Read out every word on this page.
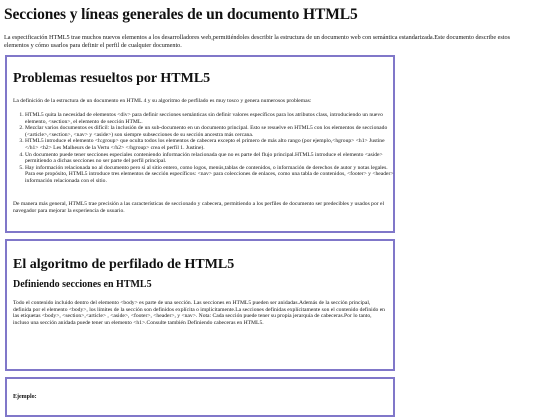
Secciones y líneas generales de un documento HTML5

La especificación HTML5 trae muchos nuevos elementos a los desarrolladores web,permitiéndoles describir la estructura de un documento web con semántica estandarizada.Este documento describe estos elementos y cómo usarlos para definir el perfil de cualquier documento.

Problemas resueltos por HTML5

La definición de la estructura de un documento en HTML 4 y su algoritmo de perfilado es muy tosco y genera numerosos problemas:

1. HTML5 quita la necesidad de elementos <div> para definir secciones semánticas sin definir valores específicos para los atributos class, introduciendo un nuevo elemento, <section>, el elemento de sección HTML.
2. Mezclar varios documentos es difícil: la inclusión de un sub-documento en un documento principal. Esto se resuelve en HTML5 con los elementos de seccionado (<article>,<section>, <nav> y <aside>) son siempre subsecciones de su sección ancestra más cercana.
3. HTML5 introduce el elemento <h:group> que oculta todos los elementos de cabecera excepto el primero de más alto rango (por ejemplo,<hgroup> <h1> Justine </h1> <h2> Les Malheurs de la Vertu </h2> </hgroup> crea el perfil 1. Justine).
4. Un documento puede tener secciones especiales conteniendo información relacionada que no es parte del flujo principal.HTML5 introduce el elemento <aside> permitiendo a dichas secciones no ser parte del perfil principal.
5. Hay información relacionada no al documento pero si al sitio entero, como logos, menús,tablas de contenidos, o información de derechos de autor y notas legales. Para ese propósito, HTML5 introduce tres elementos de sección específicos: <nav> para colecciones de enlaces, como una tabla de contenidos, <footer> y <header> información relacionada con el sitio.

De manera más general, HTML5 trae precisión a las características de seccionado y cabecera, permitiendo a los perfiles de documento ser predecibles y usados por el navegador para mejorar la experiencia de usuario.

El algoritmo de perfilado de HTML5
Definiendo secciones en HTML5

Todo el contenido incluido dentro del elemento <body> es parte de una sección. Las secciones en HTML5 pueden ser anidadas.Además de la sección principal, definida por el elemento <body>, los límites de la sección son definidos explícita o implícitamente.La secciones definidas explícitamente son el contenido definido en las etiquetas <body>, <section>,<article> , <aside>, <footer>, <header>, y <nav>. Nota: Cada sección puede tener su propia jerarquía de cabeceras.Por lo tanto, incluso una sección anidada puede tener un elemento <h1>.Consulte también Definiendo cabeceras en HTML5.

Ejemplo:
